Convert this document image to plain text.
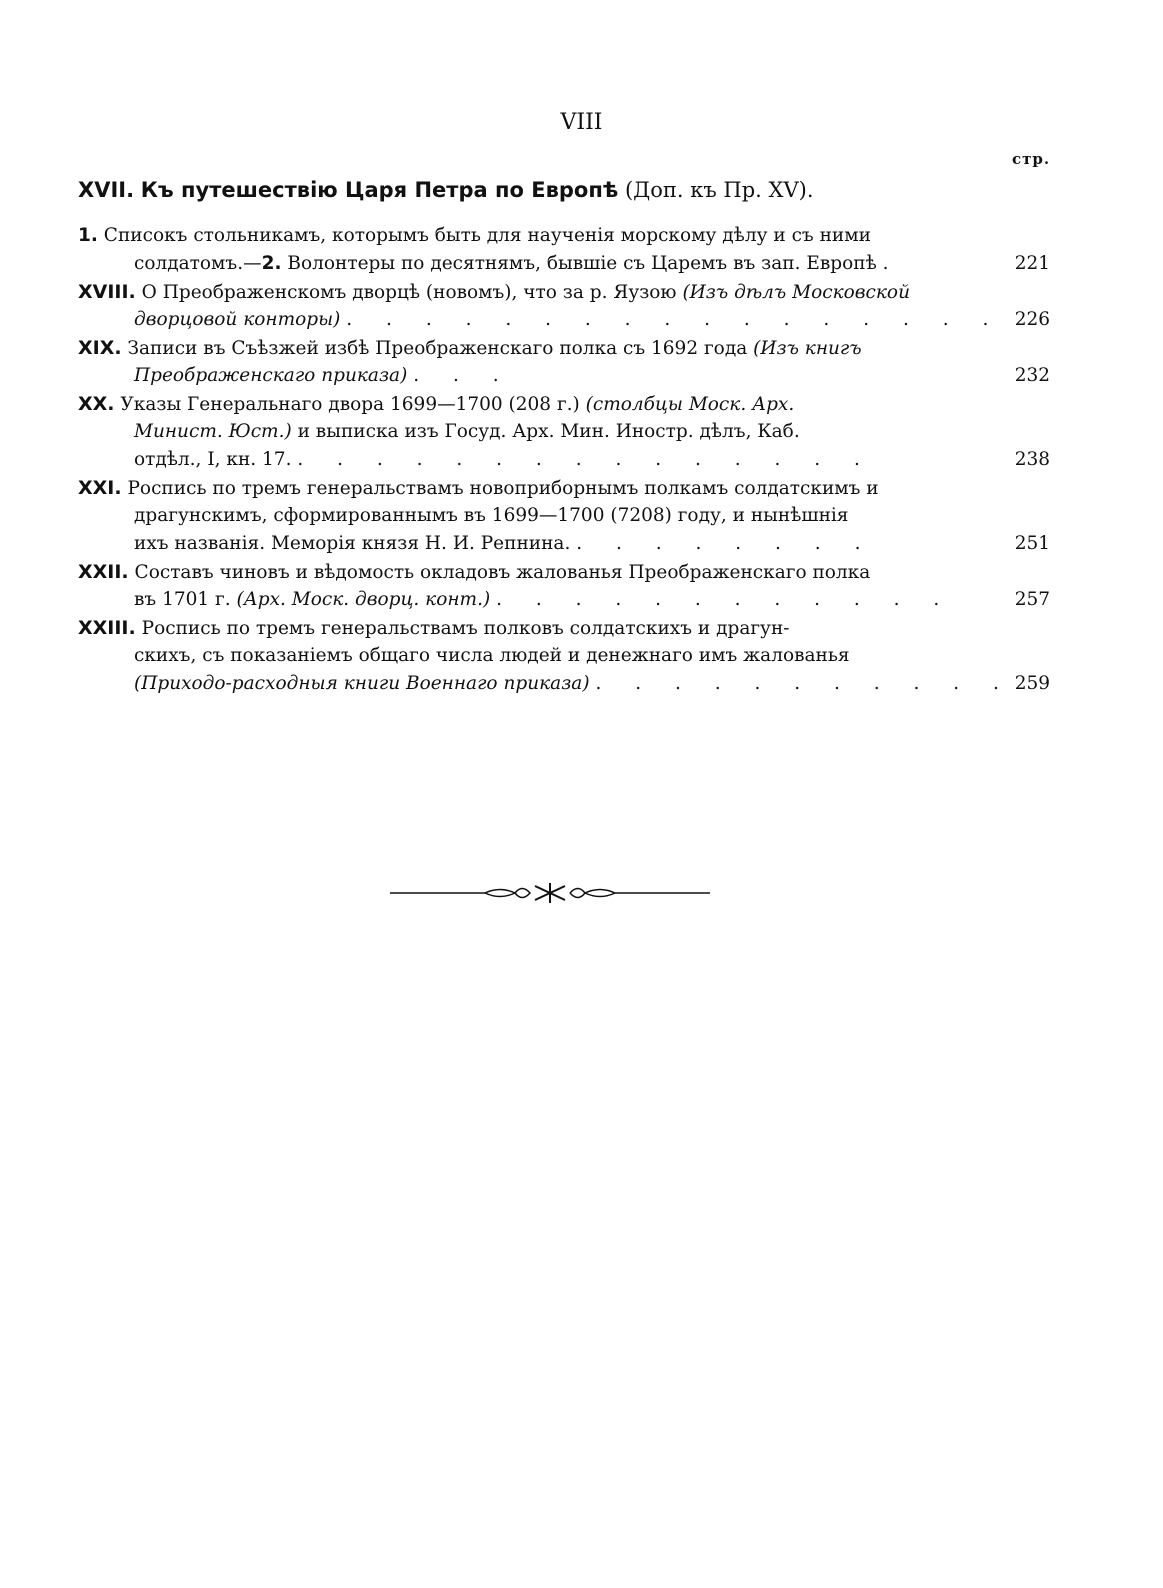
VIII
стр.
XVII. Къ путешествію Царя Петра по Европѣ (Доп. къ Пр. XV).
1. Списокъ стольникамъ, которымъ быть для наученія морскому дѣлу и съ ними
солдатомъ.—2. Волонтеры по десятнямъ, бывшіе съ Царемъ въ зап. Европѣ .	221
XVIII. О Преображенскомъ дворцѣ (новомъ), что за р. Яузою (Изъ дѣлъ Московской
дворцовой конторы) . . . . . . . . . . . . . . . . . 226
XIX. Записи въ Съѣзжей избѣ Преображенскаго полка съ 1692 года (Изъ книгъ
Преображенскаго приказа) . . .	232
XX. Указы Генеральнаго двора 1699—1700 (208 г.) (столбцы Моск. Арх.
Минист. Юст.) и выписка изъ Госуд. Арх. Мин. Иностр. дѣлъ, Каб.
отдѣл., I, кн. 17. . . . . . . . . . . . . . . .	238
XXI. Роспись по тремъ генеральствамъ новоприборнымъ полкамъ солдатскимъ и
драгунскимъ, сформированнымъ въ 1699—1700 (7208) году, и нынѣшнія
ихъ названія. Меморія князя Н. И. Репнина. . . . . . . . .	251
XXII. Составъ чиновъ и вѣдомость окладовъ жалованья Преображенскаго полка
въ 1701 г. (Арх. Моск. дворц. конт.) . . . . . . . . . . . .	257
XXIII. Роспись по тремъ генеральствамъ полковъ солдатскихъ и драгун-
скихъ, съ показаніемъ общаго числа людей и денежнаго имъ жалованья
(Приходо-расходныя книги Военнаго приказа) . . . . . . . . . . . 259
